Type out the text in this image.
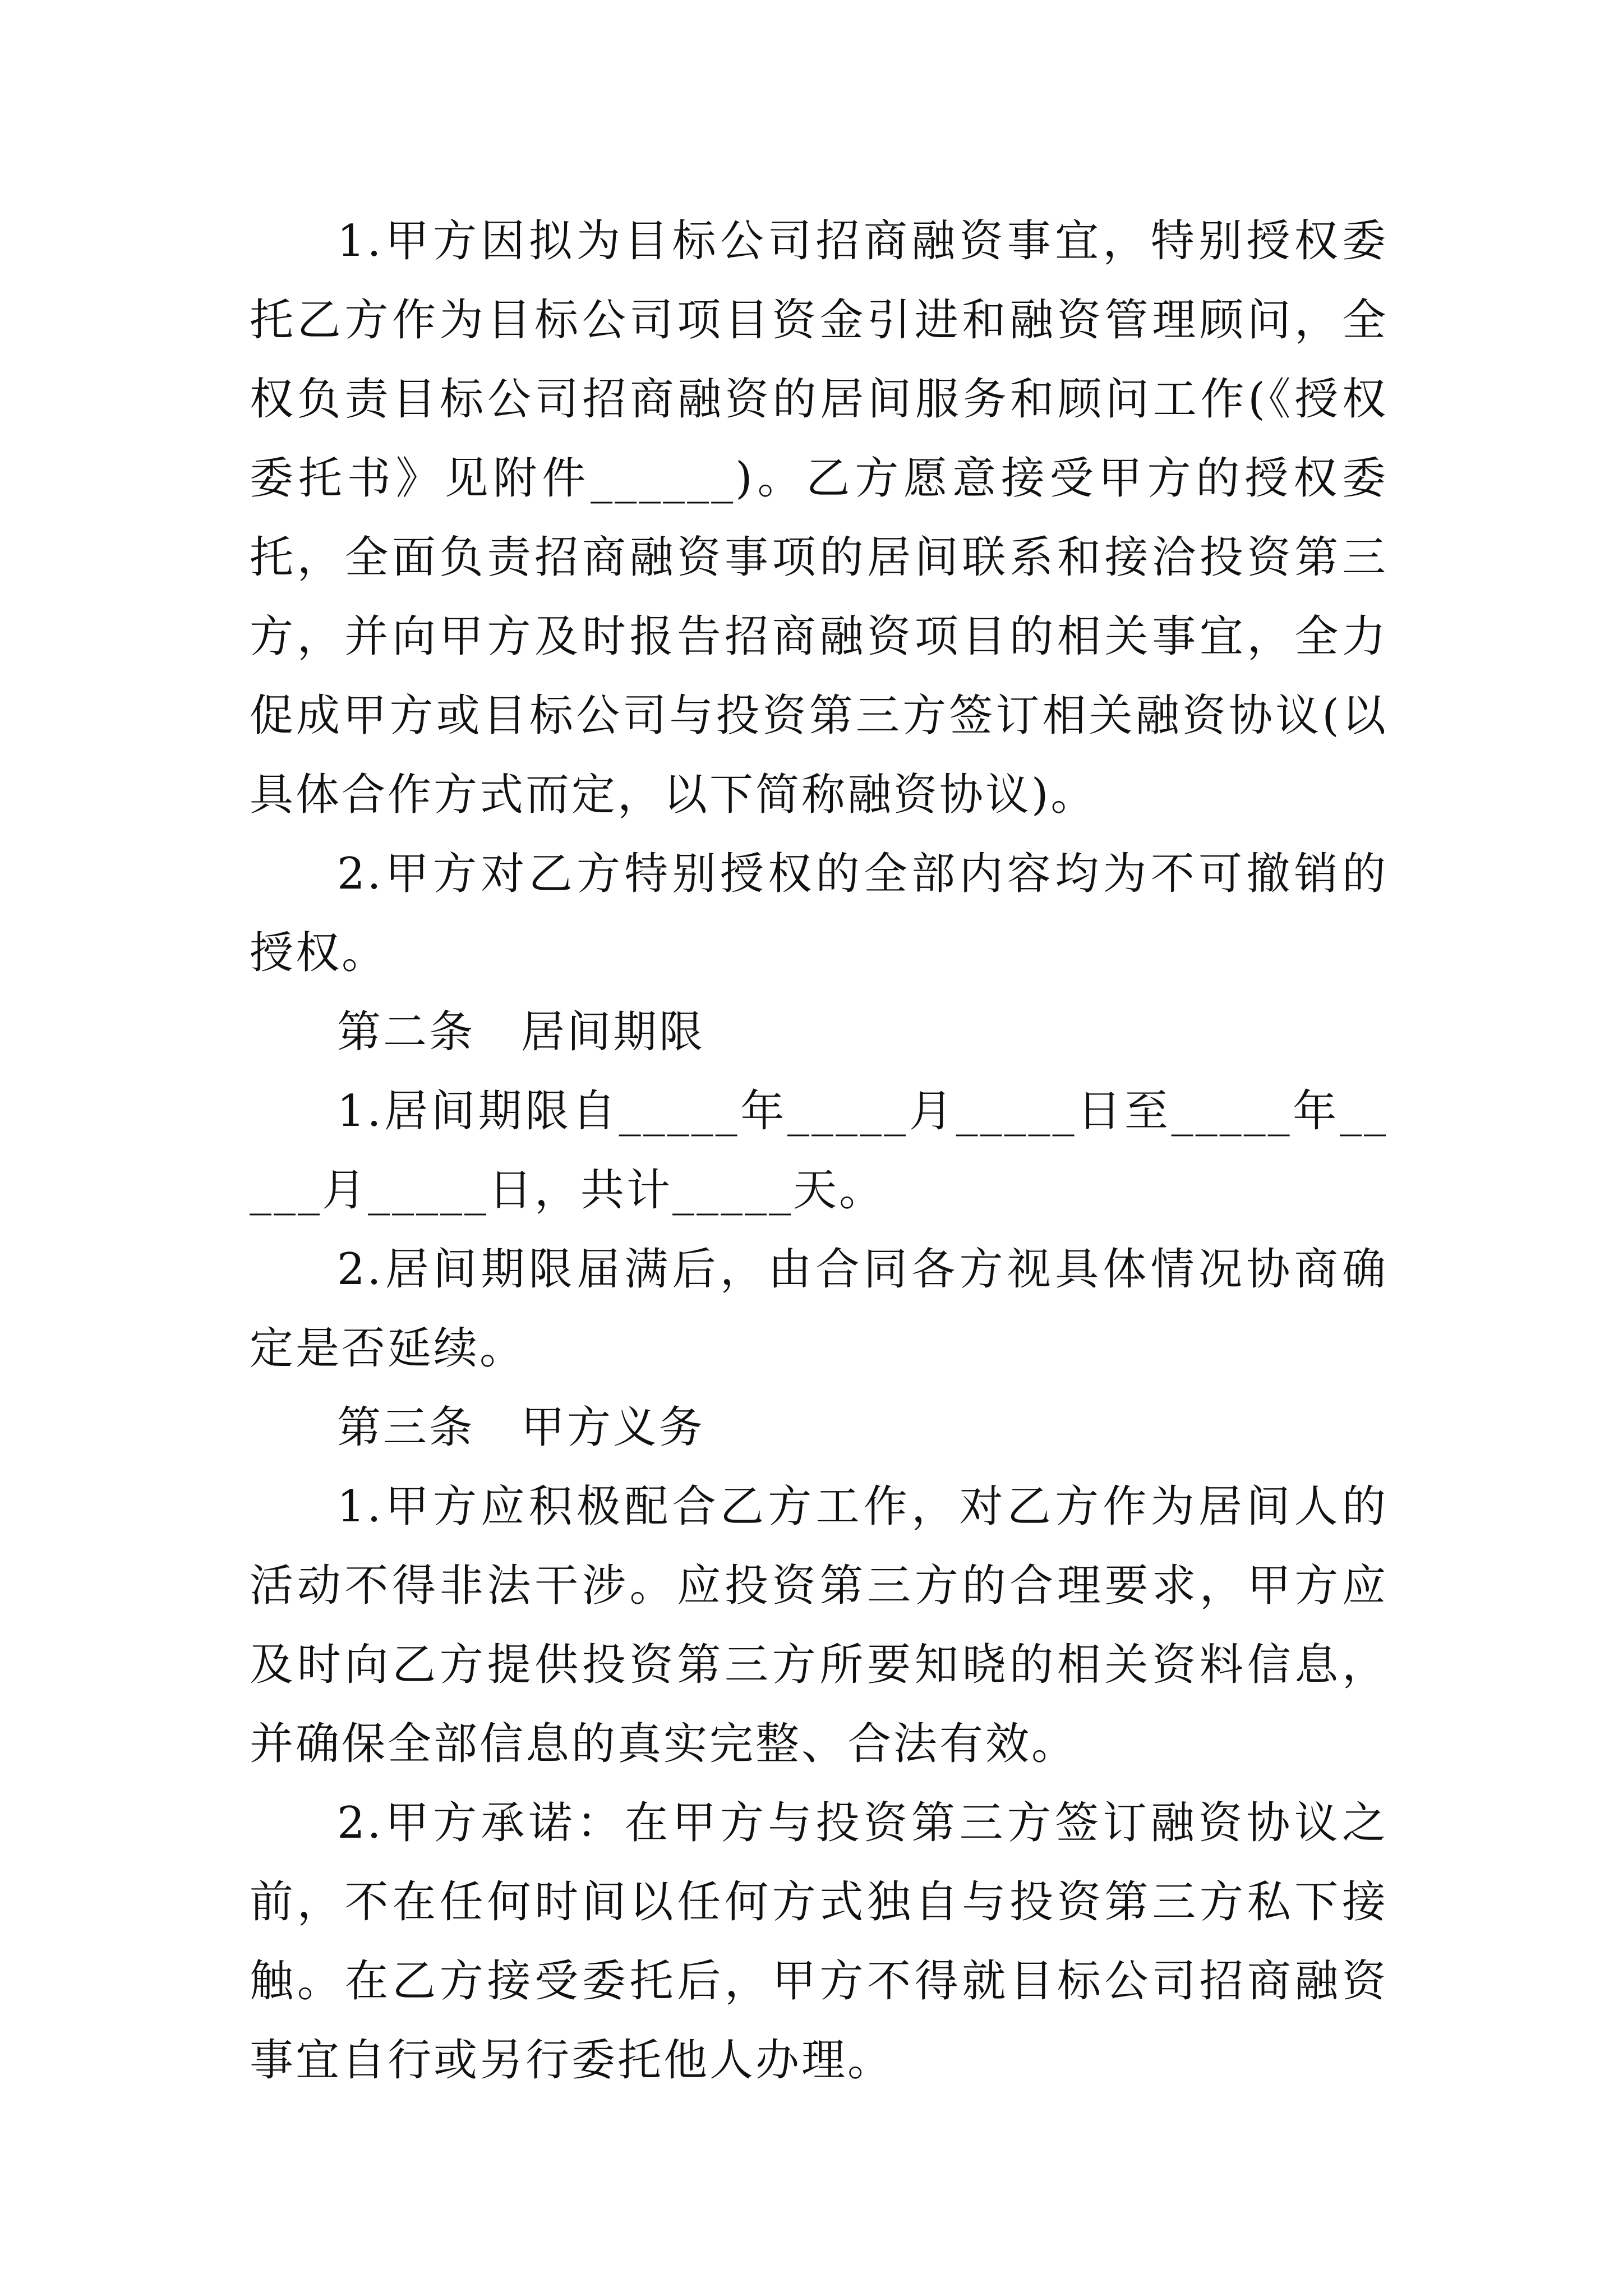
1.甲方因拟为目标公司招商融资事宜，特别授权委托乙方作为目标公司项目资金引进和融资管理顾问，全权负责目标公司招商融资的居间服务和顾问工作(《授权委托书》见附件______)。乙方愿意接受甲方的授权委托，全面负责招商融资事项的居间联系和接洽投资第三方，并向甲方及时报告招商融资项目的相关事宜，全力促成甲方或目标公司与投资第三方签订相关融资协议(以具体合作方式而定，以下简称融资协议)。

2.甲方对乙方特别授权的全部内容均为不可撤销的授权。

第二条　居间期限

1.居间期限自_____年_____月_____日至_____年_____月_____日，共计_____天。

2.居间期限届满后，由合同各方视具体情况协商确定是否延续。

第三条　甲方义务

1.甲方应积极配合乙方工作，对乙方作为居间人的活动不得非法干涉。应投资第三方的合理要求，甲方应及时向乙方提供投资第三方所要知晓的相关资料信息，并确保全部信息的真实完整、合法有效。

2.甲方承诺：在甲方与投资第三方签订融资协议之前，不在任何时间以任何方式独自与投资第三方私下接触。在乙方接受委托后，甲方不得就目标公司招商融资事宜自行或另行委托他人办理。
